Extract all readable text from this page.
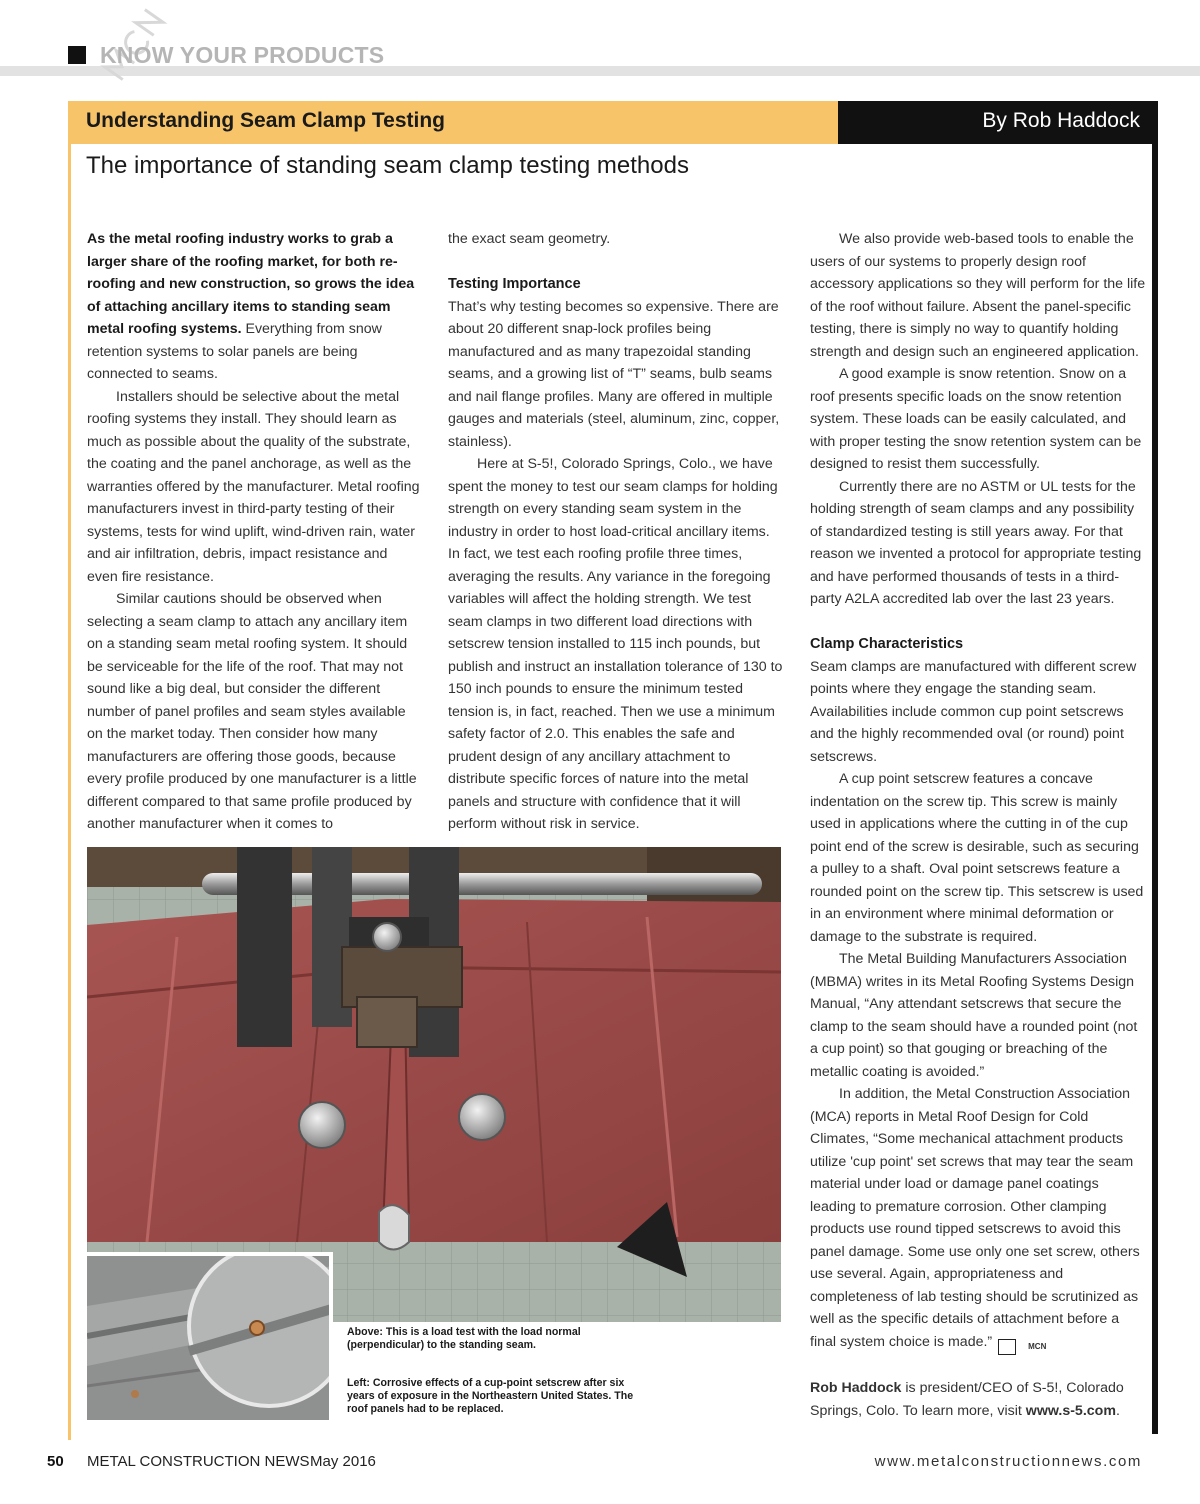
KNOW YOUR PRODUCTS
Understanding Seam Clamp Testing	By Rob Haddock
The importance of standing seam clamp testing methods

As the metal roofing industry works to grab a larger share of the roofing market, for both re-roofing and new construction, so grows the idea of attaching ancillary items to standing seam metal roofing systems. Everything from snow retention systems to solar panels are being connected to seams.

Installers should be selective about the metal roofing systems they install. They should learn as much as possible about the quality of the substrate, the coating and the panel anchorage, as well as the warranties offered by the manufacturer. Metal roofing manufacturers invest in third-party testing of their systems, tests for wind uplift, wind-driven rain, water and air infiltration, debris, impact resistance and even fire resistance.

Similar cautions should be observed when selecting a seam clamp to attach any ancillary item on a standing seam metal roofing system. It should be serviceable for the life of the roof. That may not sound like a big deal, but consider the different number of panel profiles and seam styles available on the market today. Then consider how many manufacturers are offering those goods, because every profile produced by one manufacturer is a little different compared to that same profile produced by another manufacturer when it comes to

the exact seam geometry.

Testing Importance

That’s why testing becomes so expensive. There are about 20 different snap-lock profiles being manufactured and as many trapezoidal standing seams, and a growing list of “T” seams, bulb seams and nail flange profiles. Many are offered in multiple gauges and materials (steel, aluminum, zinc, copper, stainless).

Here at S-5!, Colorado Springs, Colo., we have spent the money to test our seam clamps for holding strength on every standing seam system in the industry in order to host load-critical ancillary items. In fact, we test each roofing profile three times, averaging the results. Any variance in the foregoing variables will affect the holding strength. We test seam clamps in two different load directions with setscrew tension installed to 115 inch pounds, but publish and instruct an installation tolerance of 130 to 150 inch pounds to ensure the minimum tested tension is, in fact, reached. Then we use a minimum safety factor of 2.0. This enables the safe and prudent design of any ancillary attachment to distribute specific forces of nature into the metal panels and structure with confidence that it will perform without risk in service.

We also provide web-based tools to enable the users of our systems to properly design roof accessory applications so they will perform for the life of the roof without failure. Absent the panel-specific testing, there is simply no way to quantify holding strength and design such an engineered application.

A good example is snow retention. Snow on a roof presents specific loads on the snow retention system. These loads can be easily calculated, and with proper testing the snow retention system can be designed to resist them successfully.

Currently there are no ASTM or UL tests for the holding strength of seam clamps and any possibility of standardized testing is still years away. For that reason we invented a protocol for appropriate testing and have performed thousands of tests in a third-party A2LA accredited lab over the last 23 years.

Clamp Characteristics

Seam clamps are manufactured with different screw points where they engage the standing seam. Availabilities include common cup point setscrews and the highly recommended oval (or round) point setscrews.

A cup point setscrew features a concave indentation on the screw tip. This screw is mainly used in applications where the cutting in of the cup point end of the screw is desirable, such as securing a pulley to a shaft. Oval point setscrews feature a rounded point on the screw tip. This setscrew is used in an environment where minimal deformation or damage to the substrate is required.

The Metal Building Manufacturers Association (MBMA) writes in its Metal Roofing Systems Design Manual, “Any attendant setscrews that secure the clamp to the seam should have a rounded point (not a cup point) so that gouging or breaching of the metallic coating is avoided.”

In addition, the Metal Construction Association (MCA) reports in Metal Roof Design for Cold Climates, “Some mechanical attachment products utilize 'cup point' set screws that may tear the seam material under load or damage panel coatings leading to premature corrosion. Other clamping products use round tipped setscrews to avoid this panel damage. Some use only one set screw, others use several. Again, appropriateness and completeness of lab testing should be scrutinized as well as the specific details of attachment before a final system choice is made.”	MCN

Rob Haddock is president/CEO of S-5!, Colorado Springs, Colo. To learn more, visit www.s-5.com.

Above: This is a load test with the load normal (perpendicular) to the standing seam.
Left: Corrosive effects of a cup-point setscrew after six years of exposure in the Northeastern United States. The roof panels had to be replaced.
50 METAL CONSTRUCTION NEWS May 2016	www.metalconstructionnews.com
